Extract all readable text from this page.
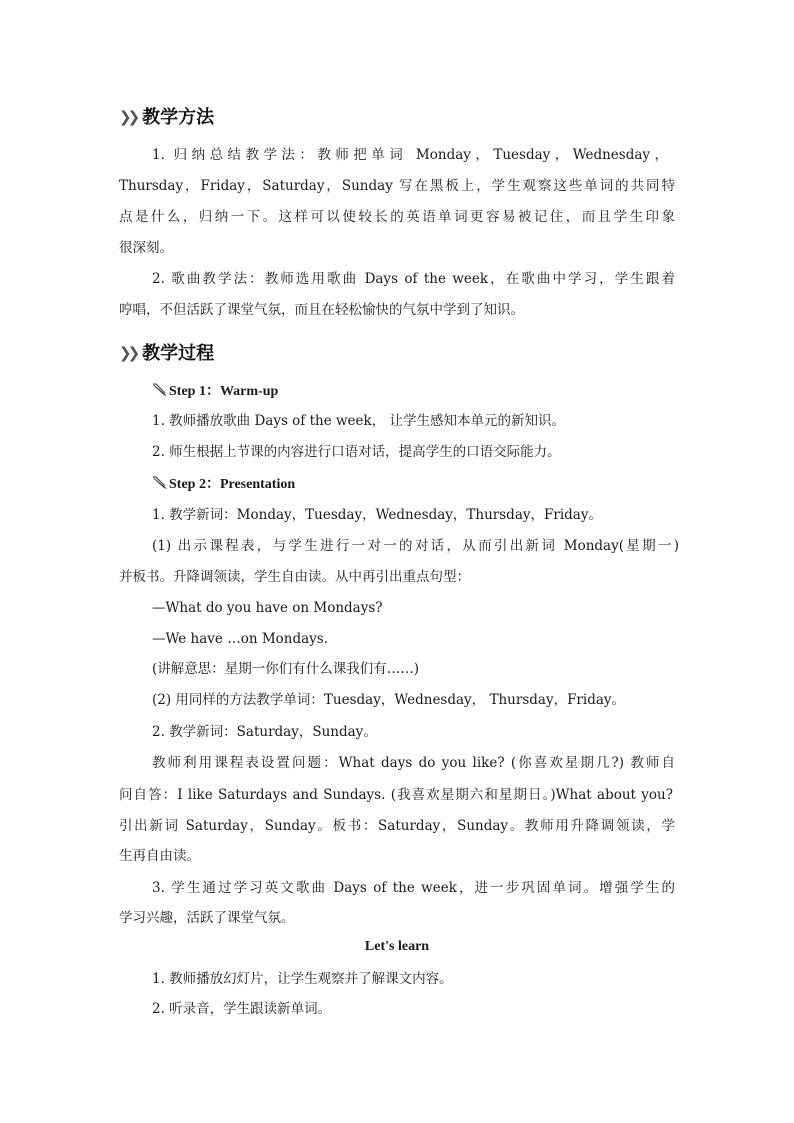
❯❯ 教学方法
1. 归纳总结教学法：教师把单词 Monday，Tuesday，Wednesday，
Thursday，Friday，Saturday，Sunday 写在黑板上，学生观察这些单词的共同特
点是什么，归纳一下。这样可以使较长的英语单词更容易被记住，而且学生印象
很深刻。
2. 歌曲教学法：教师选用歌曲 Days of the week，在歌曲中学习，学生跟着
哼唱，不但活跃了课堂气氛，而且在轻松愉快的气氛中学到了知识。
❯❯ 教学过程
Step 1：Warm-up
1. 教师播放歌曲 Days of the week， 让学生感知本单元的新知识。
2. 师生根据上节课的内容进行口语对话，提高学生的口语交际能力。
Step 2：Presentation
1. 教学新词：Monday，Tuesday，Wednesday，Thursday，Friday。
(1) 出示课程表，与学生进行一对一的对话，从而引出新词 Monday(星期一)
并板书。升降调领读，学生自由读。从中再引出重点句型：
—What do you have on Mondays?
—We have …on Mondays.
(讲解意思：星期一你们有什么课我们有……)
(2) 用同样的方法教学单词：Tuesday，Wednesday， Thursday，Friday。
2. 教学新词：Saturday，Sunday。
教师利用课程表设置问题：What days do you like? (你喜欢星期几?) 教师自
问自答：I like Saturdays and Sundays. (我喜欢星期六和星期日。)What about you?
引出新词 Saturday，Sunday。板书：Saturday，Sunday。教师用升降调领读，学
生再自由读。
3. 学生通过学习英文歌曲 Days of the week，进一步巩固单词。增强学生的
学习兴趣，活跃了课堂气氛。
Let's learn
1. 教师播放幻灯片，让学生观察并了解课文内容。
2. 听录音，学生跟读新单词。
